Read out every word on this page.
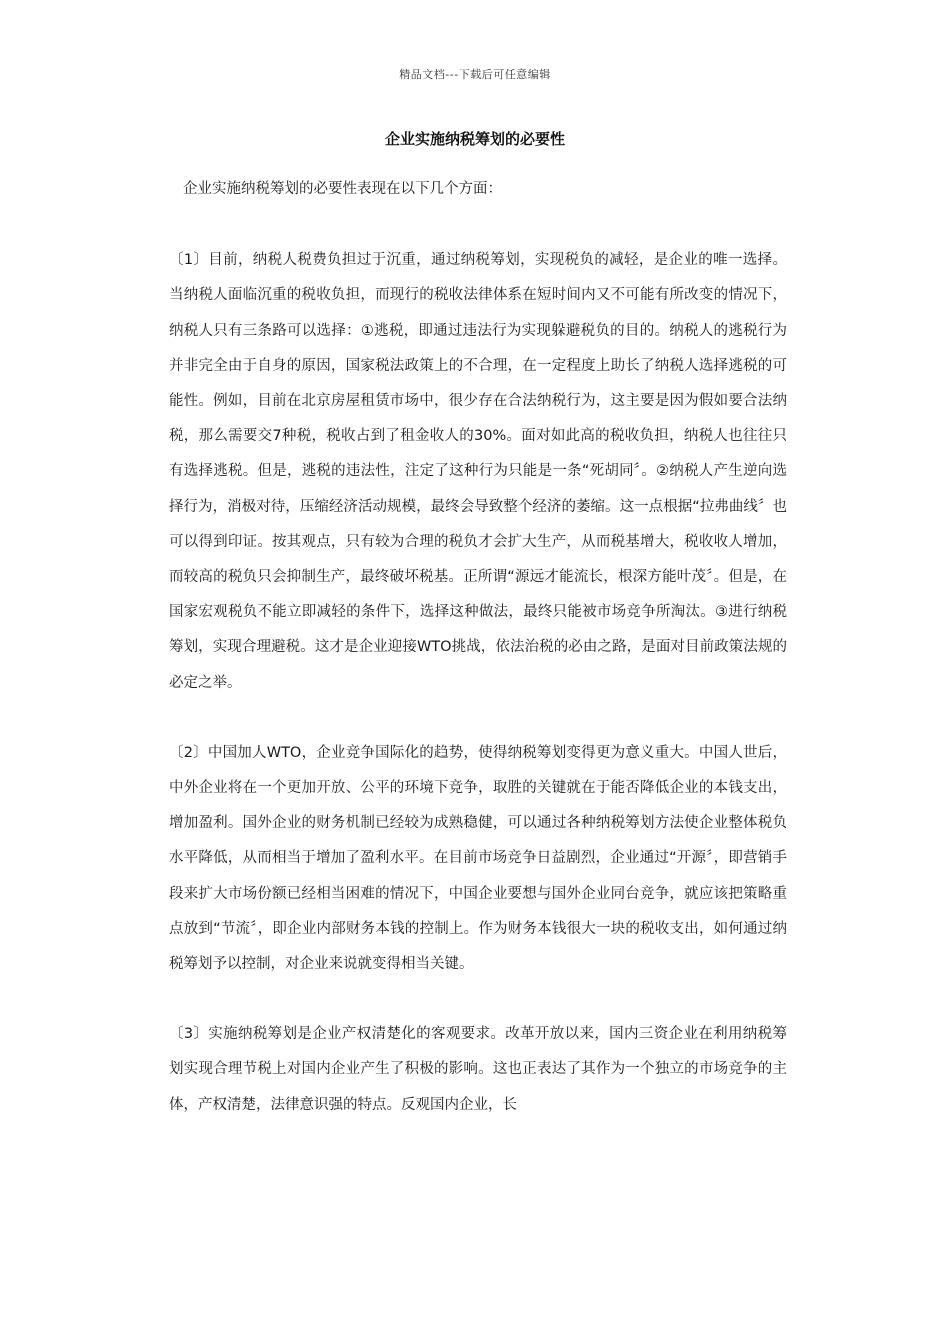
精品文档---下载后可任意编辑
企业实施纳税筹划的必要性

企业实施纳税筹划的必要性表现在以下几个方面：

〔1〕目前，纳税人税费负担过于沉重，通过纳税筹划，实现税负的减轻，是企业的唯一选择。当纳税人面临沉重的税收负担，而现行的税收法律体系在短时间内又不可能有所改变的情况下，纳税人只有三条路可以选择：①逃税，即通过违法行为实现躲避税负的目的。纳税人的逃税行为并非完全由于自身的原因，国家税法政策上的不合理，在一定程度上助长了纳税人选择逃税的可能性。例如，目前在北京房屋租赁市场中，很少存在合法纳税行为，这主要是因为假如要合法纳税，那么需要交7种税，税收占到了租金收人的30%。面对如此高的税收负担，纳税人也往往只有选择逃税。但是，逃税的违法性，注定了这种行为只能是一条“死胡同〞。②纳税人产生逆向选择行为，消极对待，压缩经济活动规模，最终会导致整个经济的萎缩。这一点根据“拉弗曲线〞也可以得到印证。按其观点，只有较为合理的税负才会扩大生产，从而税基增大，税收收人增加，而较高的税负只会抑制生产，最终破坏税基。正所谓“源远才能流长，根深方能叶茂〞。但是，在国家宏观税负不能立即减轻的条件下，选择这种做法，最终只能被市场竞争所淘汰。③进行纳税筹划，实现合理避税。这才是企业迎接WTO挑战，依法治税的必由之路，是面对目前政策法规的必定之举。

〔2〕中国加人WTO，企业竞争国际化的趋势，使得纳税筹划变得更为意义重大。中国人世后，中外企业将在一个更加开放、公平的环境下竞争，取胜的关键就在于能否降低企业的本钱支出，增加盈利。国外企业的财务机制已经较为成熟稳健，可以通过各种纳税筹划方法使企业整体税负水平降低，从而相当于增加了盈利水平。在目前市场竞争日益剧烈，企业通过“开源〞，即营销手段来扩大市场份额已经相当困难的情况下，中国企业要想与国外企业同台竞争，就应该把策略重点放到“节流〞，即企业内部财务本钱的控制上。作为财务本钱很大一块的税收支出，如何通过纳税筹划予以控制，对企业来说就变得相当关键。

〔3〕实施纳税筹划是企业产权清楚化的客观要求。改革开放以来，国内三资企业在利用纳税筹划实现合理节税上对国内企业产生了积极的影响。这也正表达了其作为一个独立的市场竞争的主体，产权清楚，法律意识强的特点。反观国内企业，长
